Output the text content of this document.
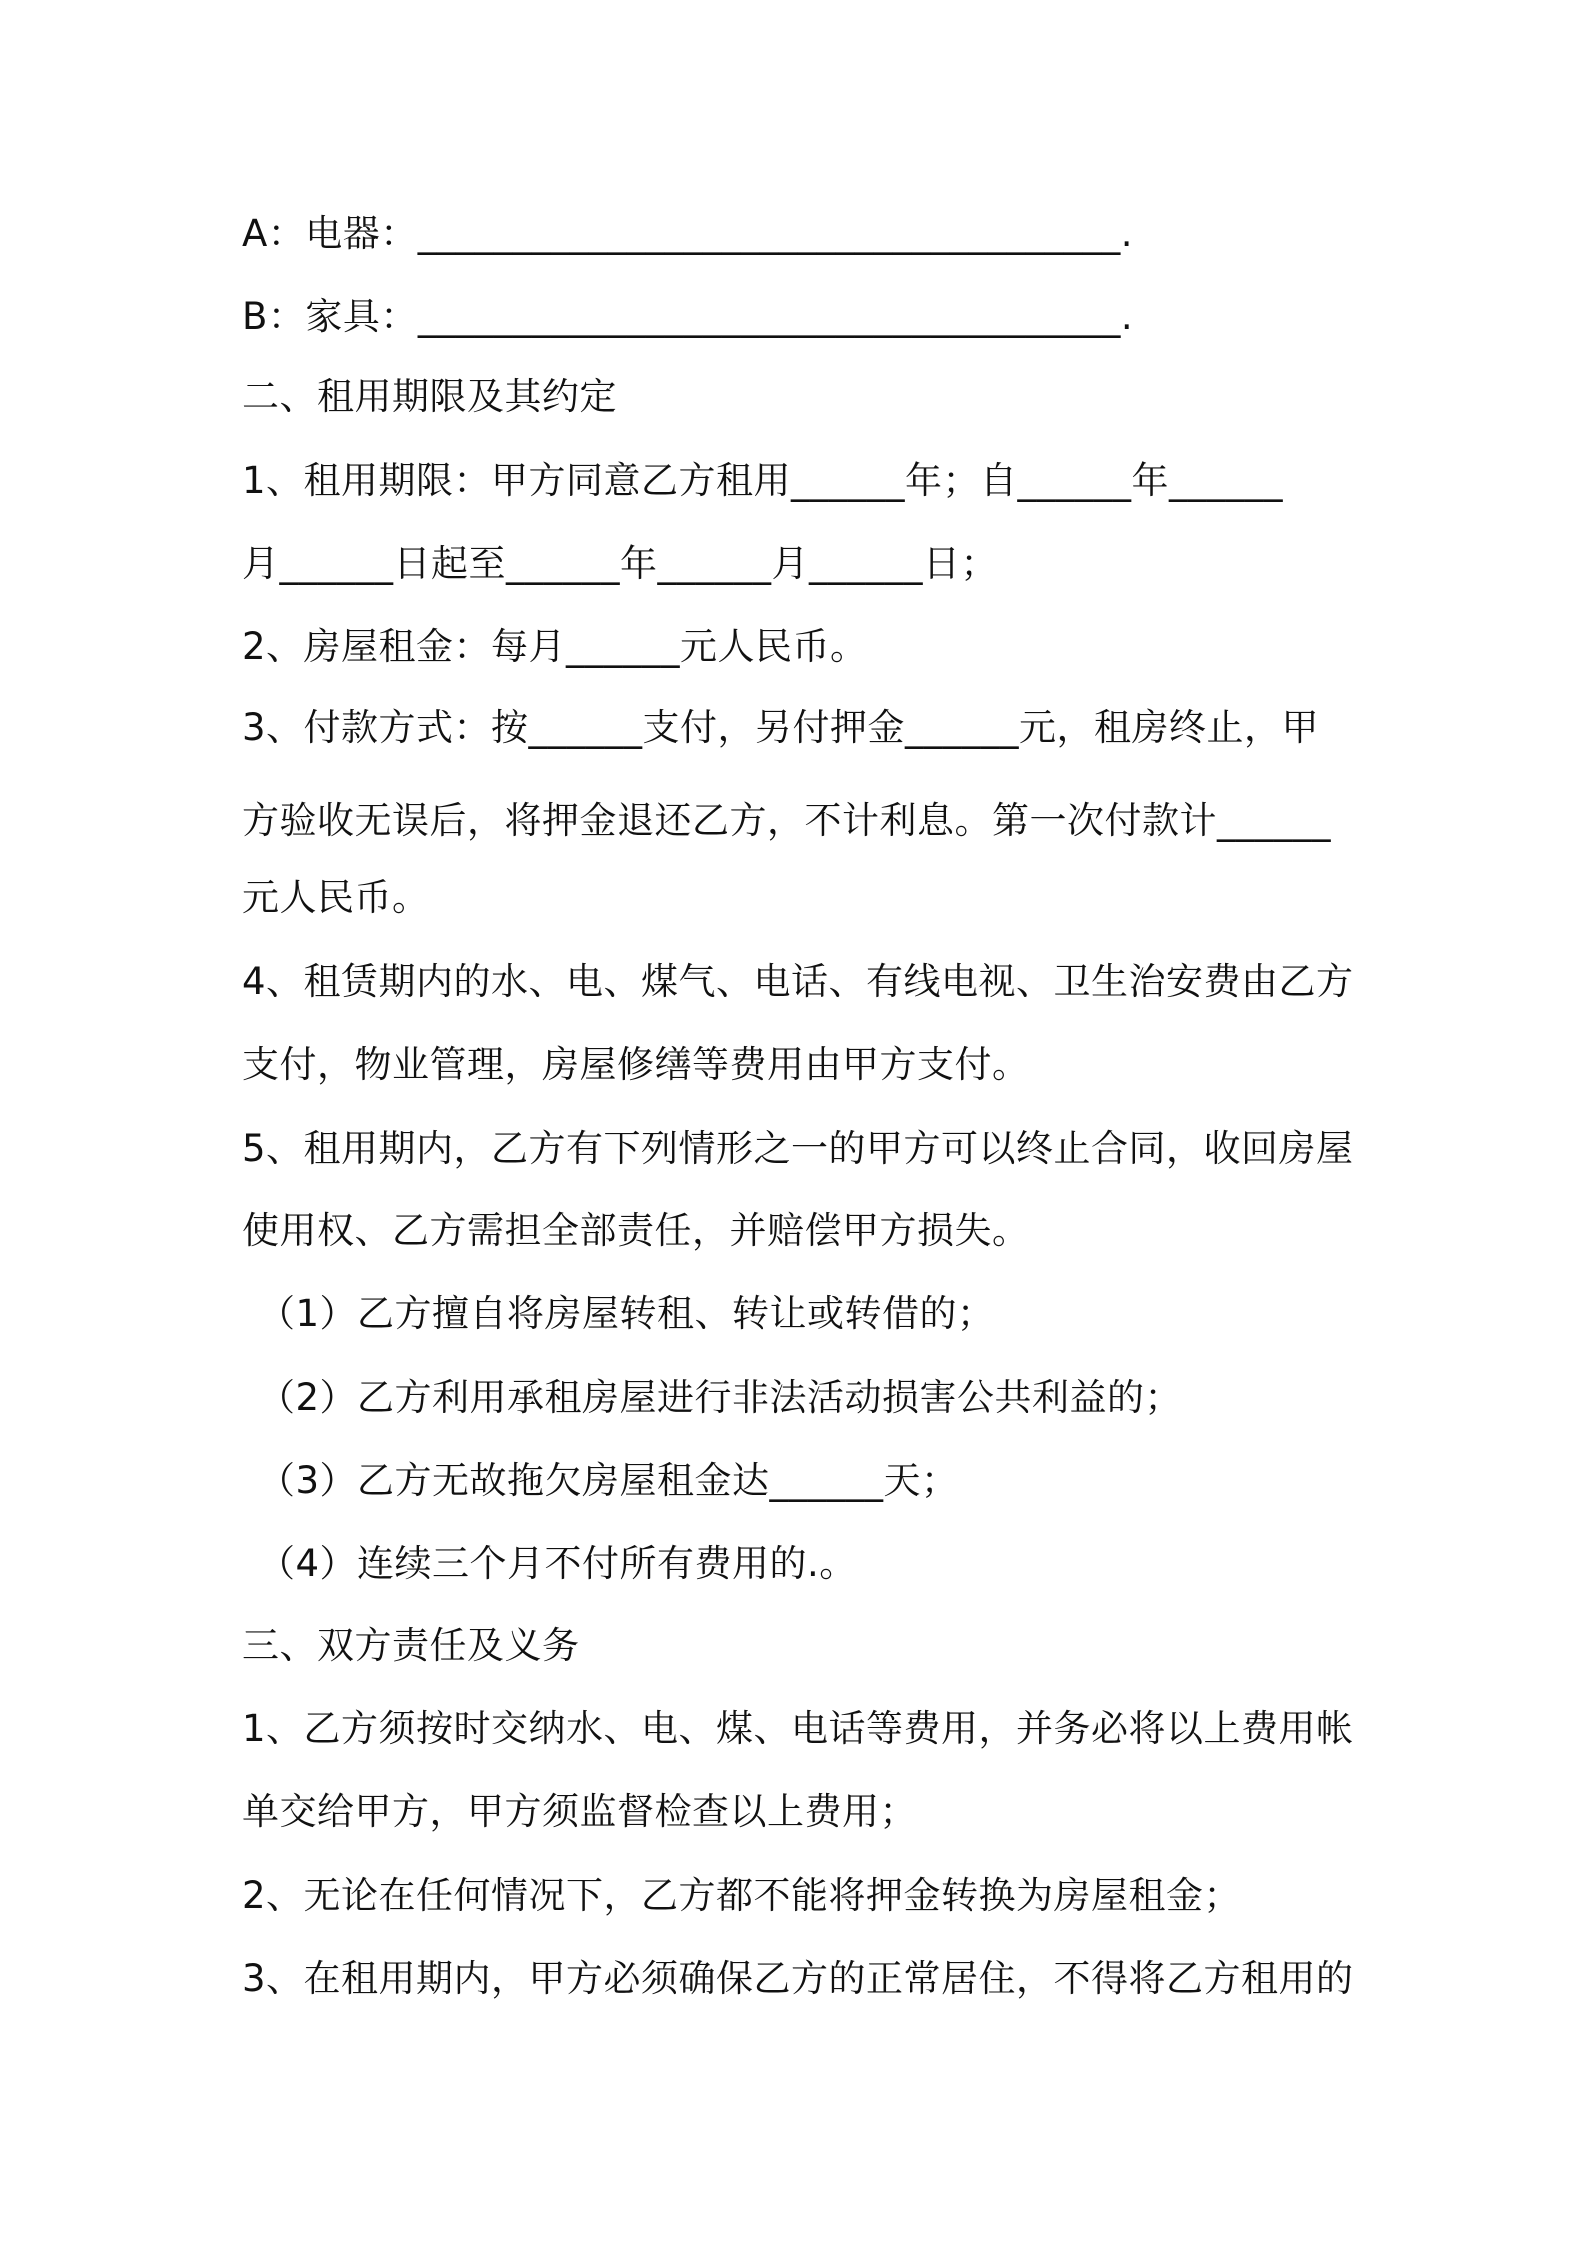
A：电器：_____________________________________.
B：家具：_____________________________________.
二、租用期限及其约定
1、租用期限：甲方同意乙方租用______年；自______年______
月______日起至______年______月______日；
2、房屋租金：每月______元人民币。
3、付款方式：按______支付，另付押金______元，租房终止，甲
方验收无误后，将押金退还乙方，不计利息。第一次付款计______
元人民币。
4、租赁期内的水、电、煤气、电话、有线电视、卫生治安费由乙方
支付，物业管理，房屋修缮等费用由甲方支付。
5、租用期内，乙方有下列情形之一的甲方可以终止合同，收回房屋
使用权、乙方需担全部责任，并赔偿甲方损失。
（1）乙方擅自将房屋转租、转让或转借的；
（2）乙方利用承租房屋进行非法活动损害公共利益的；
（3）乙方无故拖欠房屋租金达______天；
（4）连续三个月不付所有费用的.。
三、双方责任及义务
1、乙方须按时交纳水、电、煤、电话等费用，并务必将以上费用帐
单交给甲方，甲方须监督检查以上费用；
2、无论在任何情况下，乙方都不能将押金转换为房屋租金；
3、在租用期内，甲方必须确保乙方的正常居住，不得将乙方租用的
